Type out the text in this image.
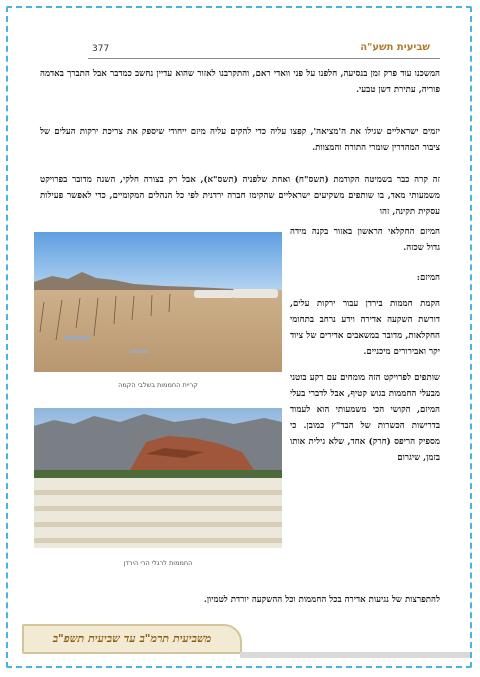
377	שביעית תשע"ה

המשכנו עוד פרק זמן בנסיעה, חלפנו על פני וואדי ראם, והתקרבנו לאזור שהוא עדיין נחשב כמדבר אבל התברך באדמה פוריה, עתירת דשן טבעי.

יזמים ישראליים שגילו את ה'מציאה', קפצו עליה כדי להקים עליה מיזם ייחודי שיספק את צריכת ירקות העלים של ציבור המהדרין שומרי התורה והמצוות.

זה קרה כבר בשמיטה הקודמת (תשס"ח) ואחת שלפניה (תשס"א), אבל רק בצורה חלקי, השנה מדובר בפרויקט משמעותי מאד, בו שותפים משקיעים ישראליים שהקימו חברה ירדנית לפי כל הנהלים המקומיים, כדי לאפשר פעילות עסקית תקינה, זהו

המיזם החקלאי הראשון באזור בקנה מידה גדול שכזה.

המיזם:

הקמת חממות בירדן עבור ירקות עלים, דורשת השקעה אדירה וידע נרחב בתחומי החקלאות, מדובר במשאבים אדירים של ציוד יקר ואבירורים מיכניים.

שותפים לפרויקט הזה מומחים עם רקע בוטני מבעלי החממות בגוש קטיף, אבל לדברי בעלי המיזם, הקושי הכי משמעותי הוא לעמוד בדרישות הכשרות של הבד"ץ כמובן. כי מספיק הריפס (חרק) אחד, שלא גילית אותו בזמן, שיגרום

להתפרצות של נגיעות אדירה בכל החממות וכל ההשקעה יורדת לטמיון.

קריית החממות בשלבי הקמה
החממות לרגלי הרי הירדן
משביעית תרמ"ב עד שביעית תשפ"ב
